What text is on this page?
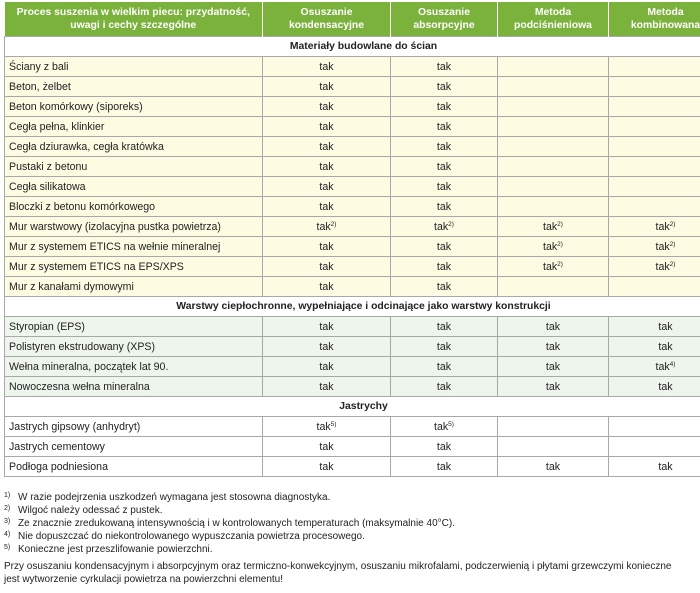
Proces suszenia w wielkim piecu: przydatność, uwagi i cechy szczególne	Osuszanie kondensacyjne	Osuszanie absorpcyjne	Metoda podciśnieniowa	Metoda kombinowana
Materiały budowlane do ścian				
Ściany z bali	tak	tak		
Beton, żelbet	tak	tak		
Beton komórkowy (siporeks)	tak	tak		
Cegła pełna, klinkier	tak	tak		
Cegła dziurawka, cegła kratówka	tak	tak		
Pustaki z betonu	tak	tak		
Cegła silikatowa	tak	tak		
Bloczki z betonu komórkowego	tak	tak		
Mur warstwowy (izolacyjna pustka powietrza)	tak$^{2)}$	tak$^{2)}$	tak$^{2)}$	tak$^{2)}$
Mur z systemem ETICS na wełnie mineralnej	tak	tak	tak$^{2)}$	tak$^{2)}$
Mur z systemem ETICS na EPS/XPS	tak	tak	tak$^{2)}$	tak$^{2)}$
Mur z kanałami dymowymi	tak	tak		
Warstwy ciepłochronne, wypełniające i odcinające jako warstwy konstrukcji				
Styropian (EPS)	tak	tak	tak	tak
Polistyren ekstrudowany (XPS)	tak	tak	tak	tak
Wełna mineralna, początek lat 90.	tak	tak	tak	tak$^{4)}$
Nowoczesna wełna mineralna	tak	tak	tak	tak
Jastrychy				
Jastrych gipsowy (anhydryt)	tak$^{5)}$	tak$^{5)}$		
Jastrych cementowy	tak	tak		
Podłoga podniesiona	tak	tak	tak	tak
1) W razie podejrzenia uszkodzeń wymagana jest stosowna diagnostyka.
2) Wilgoć należy odessać z pustek.
3) Ze znacznie zredukowaną intensywnością i w kontrolowanych temperaturach (maksymalnie 40°C).
4) Nie dopuszczać do niekontrolowanego wypuszczania powietrza procesowego.
5) Konieczne jest przeszlifowanie powierzchni.
Przy osuszaniu kondensacyjnym i absorpcyjnym oraz termiczno-konwekcyjnym, osuszaniu mikrofalami, podczerwienią i płytami grzewczymi konieczne jest wytworzenie cyrkulacji powietrza na powierzchni elementu!
